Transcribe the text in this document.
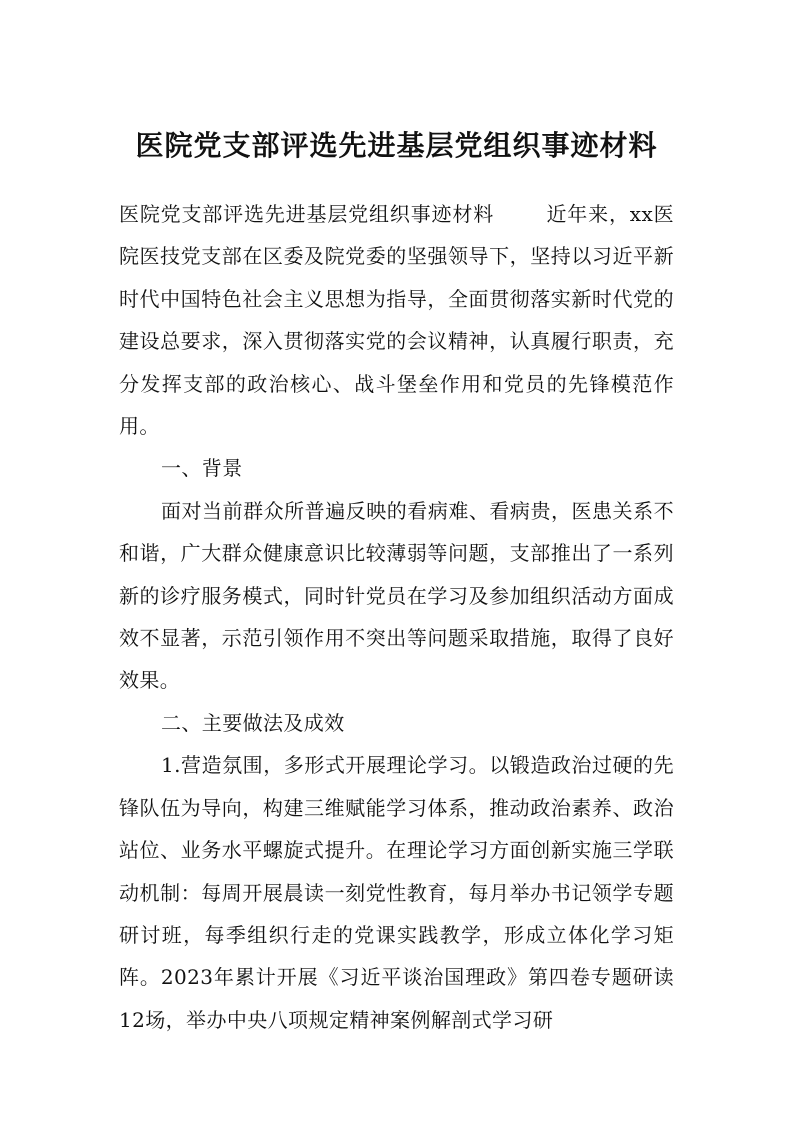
医院党支部评选先进基层党组织事迹材料

医院党支部评选先进基层党组织事迹材料	近年来，xx医院医技党支部在区委及院党委的坚强领导下，坚持以习近平新时代中国特色社会主义思想为指导，全面贯彻落实新时代党的建设总要求，深入贯彻落实党的会议精神，认真履行职责，充分发挥支部的政治核心、战斗堡垒作用和党员的先锋模范作用。

一、背景

面对当前群众所普遍反映的看病难、看病贵，医患关系不和谐，广大群众健康意识比较薄弱等问题，支部推出了一系列新的诊疗服务模式，同时针党员在学习及参加组织活动方面成效不显著，示范引领作用不突出等问题采取措施，取得了良好效果。

二、主要做法及成效

1.营造氛围，多形式开展理论学习。以锻造政治过硬的先锋队伍为导向，构建三维赋能学习体系，推动政治素养、政治站位、业务水平螺旋式提升。在理论学习方面创新实施三学联动机制：每周开展晨读一刻党性教育，每月举办书记领学专题研讨班，每季组织行走的党课实践教学，形成立体化学习矩阵。2023年累计开展《习近平谈治国理政》第四卷专题研读12场，举办中央八项规定精神案例解剖式学习研
